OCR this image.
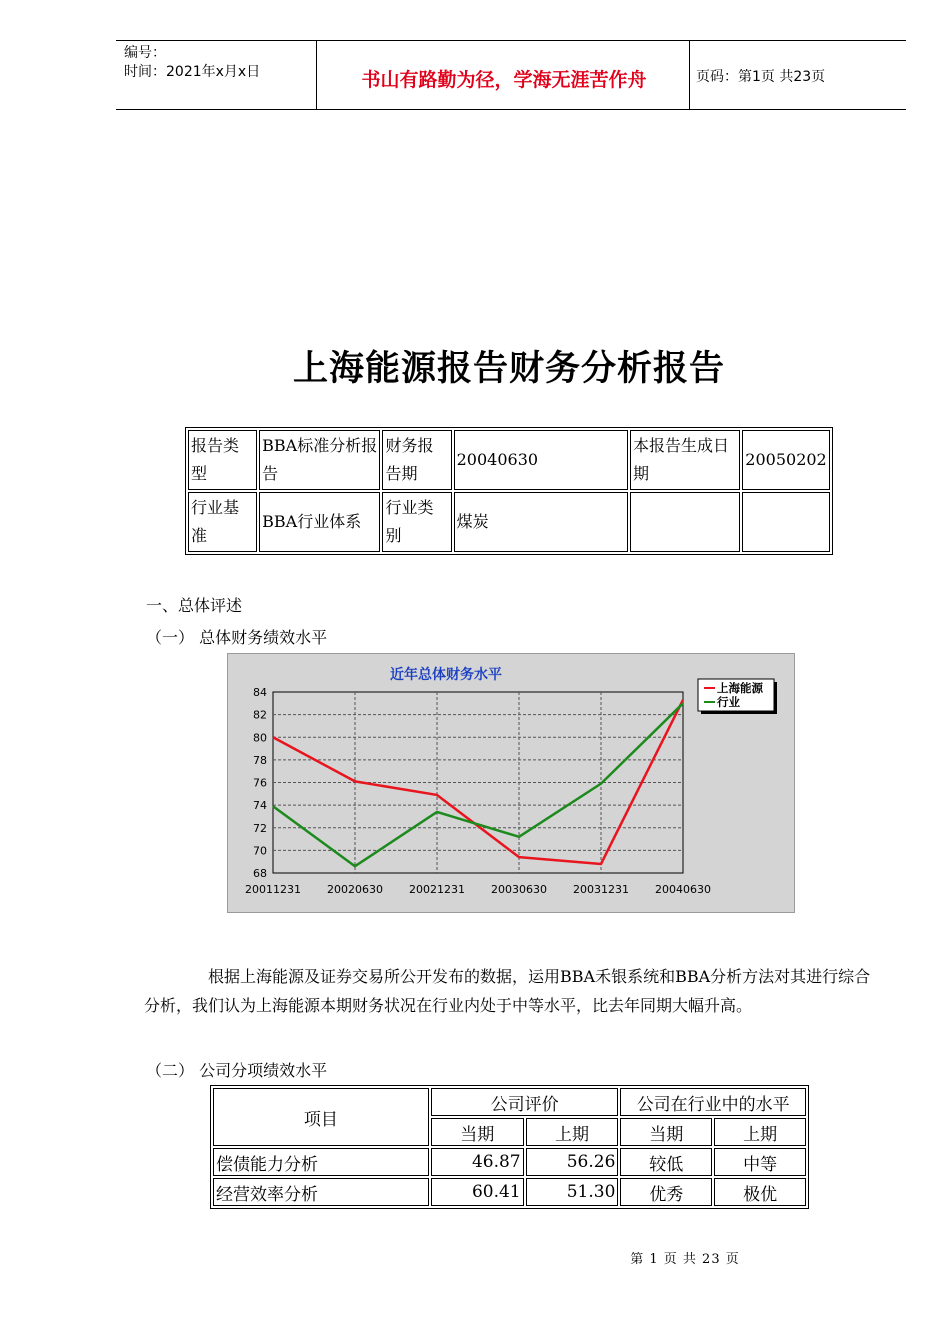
编号：
时间：2021年x月x日	书山有路勤为径，学海无涯苦作舟	页码：第1页 共23页
上海能源报告财务分析报告
报告类型	BBA标准分析报告	财务报告期	20040630	本报告生成日期	20050202
行业基准	BBA行业体系	行业类别	煤炭		
一、总体评述
（一） 总体财务绩效水平
近年总体财务水平
84
82
80
78
76
74
72
70
68
20011231 20020630 20021231 20030630 20031231 20040630
上海能源
行业
根据上海能源及证券交易所公开发布的数据，运用BBA禾银系统和BBA分析方法对其进行综合分析，我们认为上海能源本期财务状况在行业内处于中等水平，比去年同期大幅升高。
（二） 公司分项绩效水平
项目	公司评价		公司在行业中的水平	
	当期	上期	当期	上期
偿债能力分析	46.87	56.26	较低	中等
经营效率分析	60.41	51.30	优秀	极优
第 1 页 共 23 页
